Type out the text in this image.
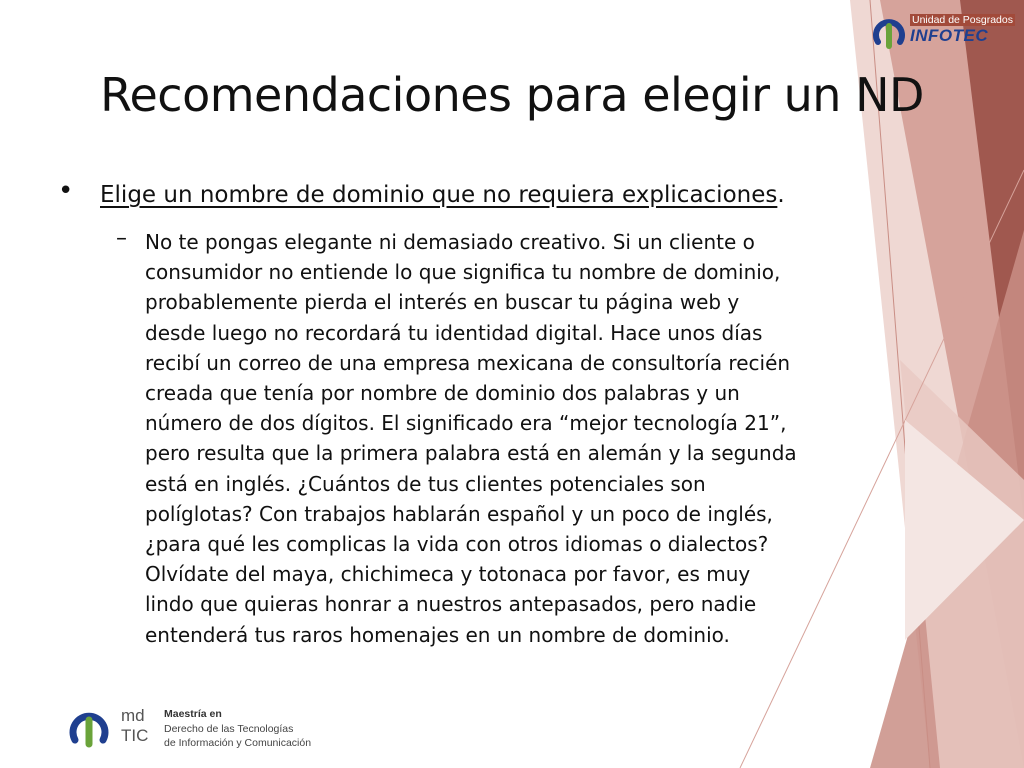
Unidad de Posgrados
INFOTEC
Recomendaciones para elegir un ND
• Elige un nombre de dominio que no requiera explicaciones.
– No te pongas elegante ni demasiado creativo. Si un cliente o
consumidor no entiende lo que significa tu nombre de dominio,
probablemente pierda el interés en buscar tu página web y
desde luego no recordará tu identidad digital. Hace unos días
recibí un correo de una empresa mexicana de consultoría recién
creada que tenía por nombre de dominio dos palabras y un
número de dos dígitos. El significado era “mejor tecnología 21”,
pero resulta que la primera palabra está en alemán y la segunda
está en inglés. ¿Cuántos de tus clientes potenciales son
políglotas? Con trabajos hablarán español y un poco de inglés,
¿para qué les complicas la vida con otros idiomas o dialectos?
Olvídate del maya, chichimeca y totonaca por favor, es muy
lindo que quieras honrar a nuestros antepasados, pero nadie
entenderá tus raros homenajes en un nombre de dominio.
md
TIC
Maestría en
Derecho de las Tecnologías
de Información y Comunicación
